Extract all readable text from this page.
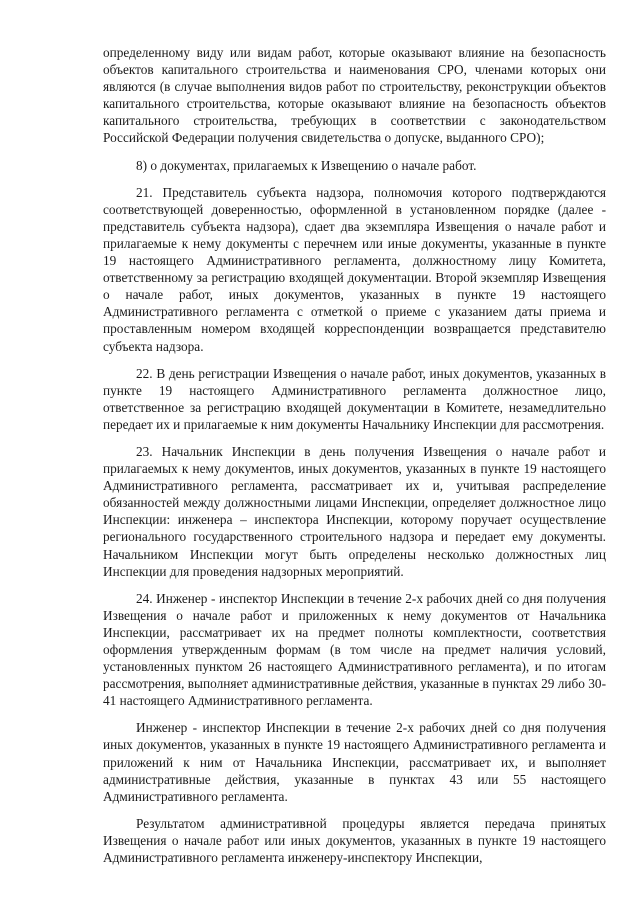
определенному виду или видам работ, которые оказывают влияние на безопасность объектов капитального строительства и наименования СРО, членами которых они являются (в случае выполнения видов работ по строительству, реконструкции объектов капитального строительства, которые оказывают влияние на безопасность объектов капитального строительства, требующих в соответствии с законодательством Российской Федерации получения свидетельства о допуске, выданного СРО);

8) о документах, прилагаемых к Извещению о начале работ.

21. Представитель субъекта надзора, полномочия которого подтверждаются соответствующей доверенностью, оформленной в установленном порядке (далее - представитель субъекта надзора), сдает два экземпляра Извещения о начале работ и прилагаемые к нему документы с перечнем или иные документы, указанные в пункте 19 настоящего Административного регламента, должностному лицу Комитета, ответственному за регистрацию входящей документации. Второй экземпляр Извещения о начале работ, иных документов, указанных в пункте 19 настоящего Административного регламента с отметкой о приеме с указанием даты приема и проставленным номером входящей корреспонденции возвращается представителю субъекта надзора.

22. В день регистрации Извещения о начале работ, иных документов, указанных в пункте 19 настоящего Административного регламента должностное лицо, ответственное за регистрацию входящей документации в Комитете, незамедлительно передает их и прилагаемые к ним документы Начальнику Инспекции для рассмотрения.

23. Начальник Инспекции в день получения Извещения о начале работ и прилагаемых к нему документов, иных документов, указанных в пункте 19 настоящего Административного регламента, рассматривает их и, учитывая распределение обязанностей между должностными лицами Инспекции, определяет должностное лицо Инспекции: инженера – инспектора Инспекции, которому поручает осуществление регионального государственного строительного надзора и передает ему документы. Начальником Инспекции могут быть определены несколько должностных лиц Инспекции для проведения надзорных мероприятий.

24. Инженер - инспектор Инспекции в течение 2-х рабочих дней со дня получения Извещения о начале работ и приложенных к нему документов от Начальника Инспекции, рассматривает их на предмет полноты комплектности, соответствия оформления утвержденным формам (в том числе на предмет наличия условий, установленных пунктом 26 настоящего Административного регламента), и по итогам рассмотрения, выполняет административные действия, указанные в пунктах 29 либо 30-41 настоящего Административного регламента.

Инженер - инспектор Инспекции в течение 2-х рабочих дней со дня получения иных документов, указанных в пункте 19 настоящего Административного регламента и приложений к ним от Начальника Инспекции, рассматривает их, и выполняет административные действия, указанные в пунктах 43 или 55 настоящего Административного регламента.

Результатом административной процедуры является передача принятых Извещения о начале работ или иных документов, указанных в пункте 19 настоящего Административного регламента инженеру-инспектору Инспекции,
